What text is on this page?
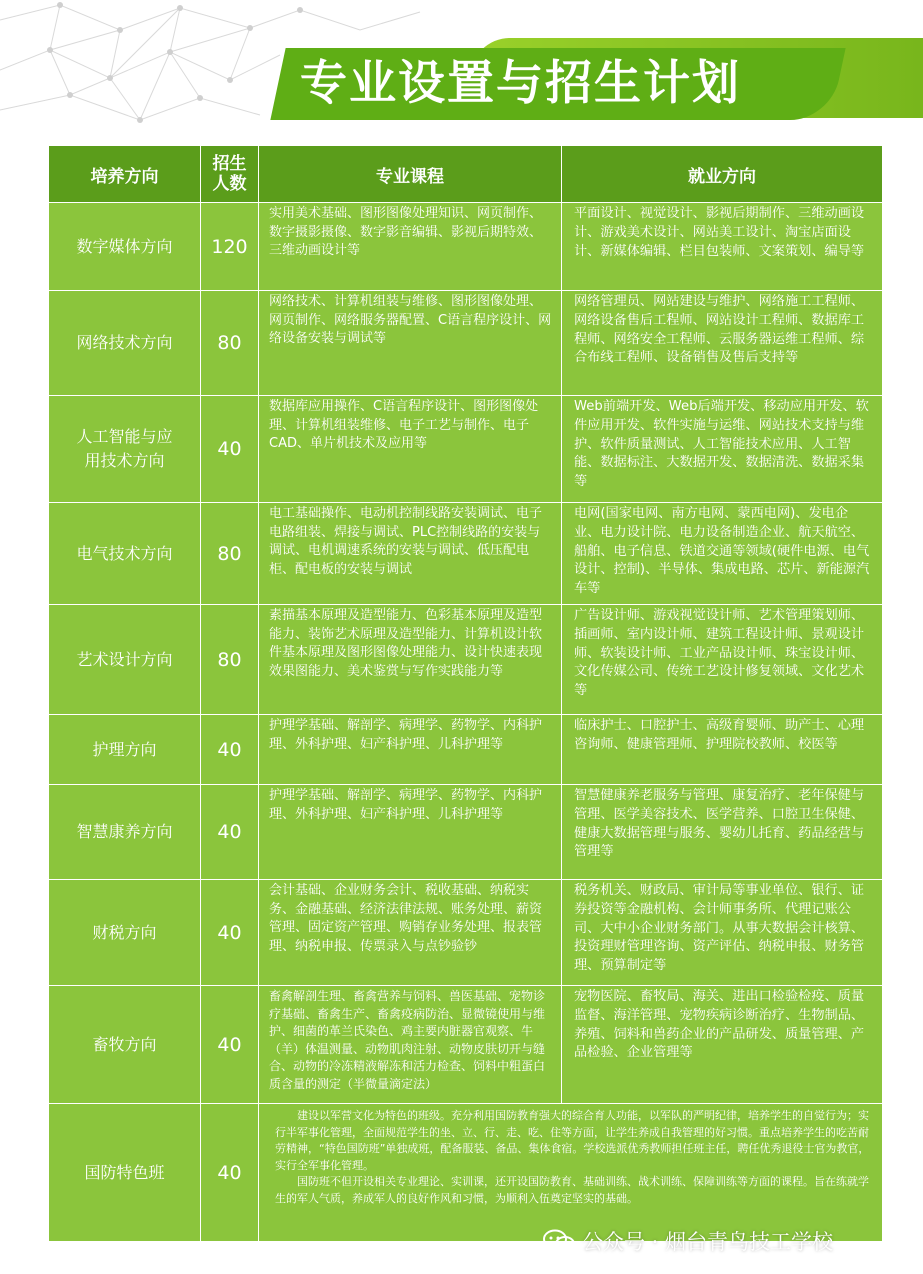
专业设置与招生计划
培养方向	招生人数	专业课程	就业方向
数字媒体方向	120	实用美术基础、图形图像处理知识、网页制作、数字摄影摄像、数字影音编辑、影视后期特效、三维动画设计等	平面设计、视觉设计、影视后期制作、三维动画设计、游戏美术设计、网站美工设计、淘宝店面设计、新媒体编辑、栏目包装师、文案策划、编导等
网络技术方向	80	网络技术、计算机组装与维修、图形图像处理、网页制作、网络服务器配置、C语言程序设计、网络设备安装与调试等	网络管理员、网站建设与维护、网络施工工程师、网络设备售后工程师、网站设计工程师、数据库工程师、网络安全工程师、云服务器运维工程师、综合布线工程师、设备销售及售后支持等
人工智能与应用技术方向	40	数据库应用操作、C语言程序设计、图形图像处理、计算机组装维修、电子工艺与制作、电子CAD、单片机技术及应用等	Web前端开发、Web后端开发、移动应用开发、软件应用开发、软件实施与运维、网站技术支持与维护、软件质量测试、人工智能技术应用、人工智能、数据标注、大数据开发、数据清洗、数据采集等
电气技术方向	80	电工基础操作、电动机控制线路安装调试、电子电路组装、焊接与调试、PLC控制线路的安装与调试、电机调速系统的安装与调试、低压配电柜、配电板的安装与调试	电网(国家电网、南方电网、蒙西电网)、发电企业、电力设计院、电力设备制造企业、航天航空、船舶、电子信息、铁道交通等领域(硬件电源、电气设计、控制)、半导体、集成电路、芯片、新能源汽车等
艺术设计方向	80	素描基本原理及造型能力、色彩基本原理及造型能力、装饰艺术原理及造型能力、计算机设计软件基本原理及图形图像处理能力、设计快速表现效果图能力、美术鉴赏与写作实践能力等	广告设计师、游戏视觉设计师、艺术管理策划师、插画师、室内设计师、建筑工程设计师、景观设计师、软装设计师、工业产品设计师、珠宝设计师、文化传媒公司、传统工艺设计修复领域、文化艺术等
护理方向	40	护理学基础、解剖学、病理学、药物学、内科护理、外科护理、妇产科护理、儿科护理等	临床护士、口腔护士、高级育婴师、助产士、心理咨询师、健康管理师、护理院校教师、校医等
智慧康养方向	40	护理学基础、解剖学、病理学、药物学、内科护理、外科护理、妇产科护理、儿科护理等	智慧健康养老服务与管理、康复治疗、老年保健与管理、医学美容技术、医学营养、口腔卫生保健、健康大数据管理与服务、婴幼儿托育、药品经营与管理等
财税方向	40	会计基础、企业财务会计、税收基础、纳税实务、金融基础、经济法律法规、账务处理、薪资管理、固定资产管理、购销存业务处理、报表管理、纳税申报、传票录入与点钞验钞	税务机关、财政局、审计局等事业单位、银行、证券投资等金融机构、会计师事务所、代理记账公司、大中小企业财务部门。从事大数据会计核算、投资理财管理咨询、资产评估、纳税申报、财务管理、预算制定等
畜牧方向	40	畜禽解剖生理、畜禽营养与饲料、兽医基础、宠物诊疗基础、畜禽生产、畜禽疫病防治、显微镜使用与维护、细菌的革兰氏染色、鸡主要内脏器官观察、牛（羊）体温测量、动物肌肉注射、动物皮肤切开与缝合、动物的冷冻精液解冻和活力检查、饲料中粗蛋白质含量的测定（半微量滴定法）	宠物医院、畜牧局、海关、进出口检验检疫、质量监督、海洋管理、宠物疾病诊断治疗、生物制品、养殖、饲料和兽药企业的产品研发、质量管理、产品检验、企业管理等
国防特色班	40	建设以军营文化为特色的班级。充分利用国防教育强大的综合育人功能，以军队的严明纪律，培养学生的自觉行为；实行半军事化管理，全面规范学生的坐、立、行、走、吃、住等方面，让学生养成自我管理的好习惯。重点培养学生的吃苦耐劳精神，“特色国防班”单独成班，配备服装、备品、集体食宿。学校选派优秀教师担任班主任，聘任优秀退役士官为教官，实行全军事化管理。

国防班不但开设相关专业理论、实训课，还开设国防教育、基础训练、战术训练、保障训练等方面的课程。旨在练就学生的军人气质，养成军人的良好作风和习惯，为顺利入伍奠定坚实的基础。	

公众号 · 烟台青鸟技工学校
